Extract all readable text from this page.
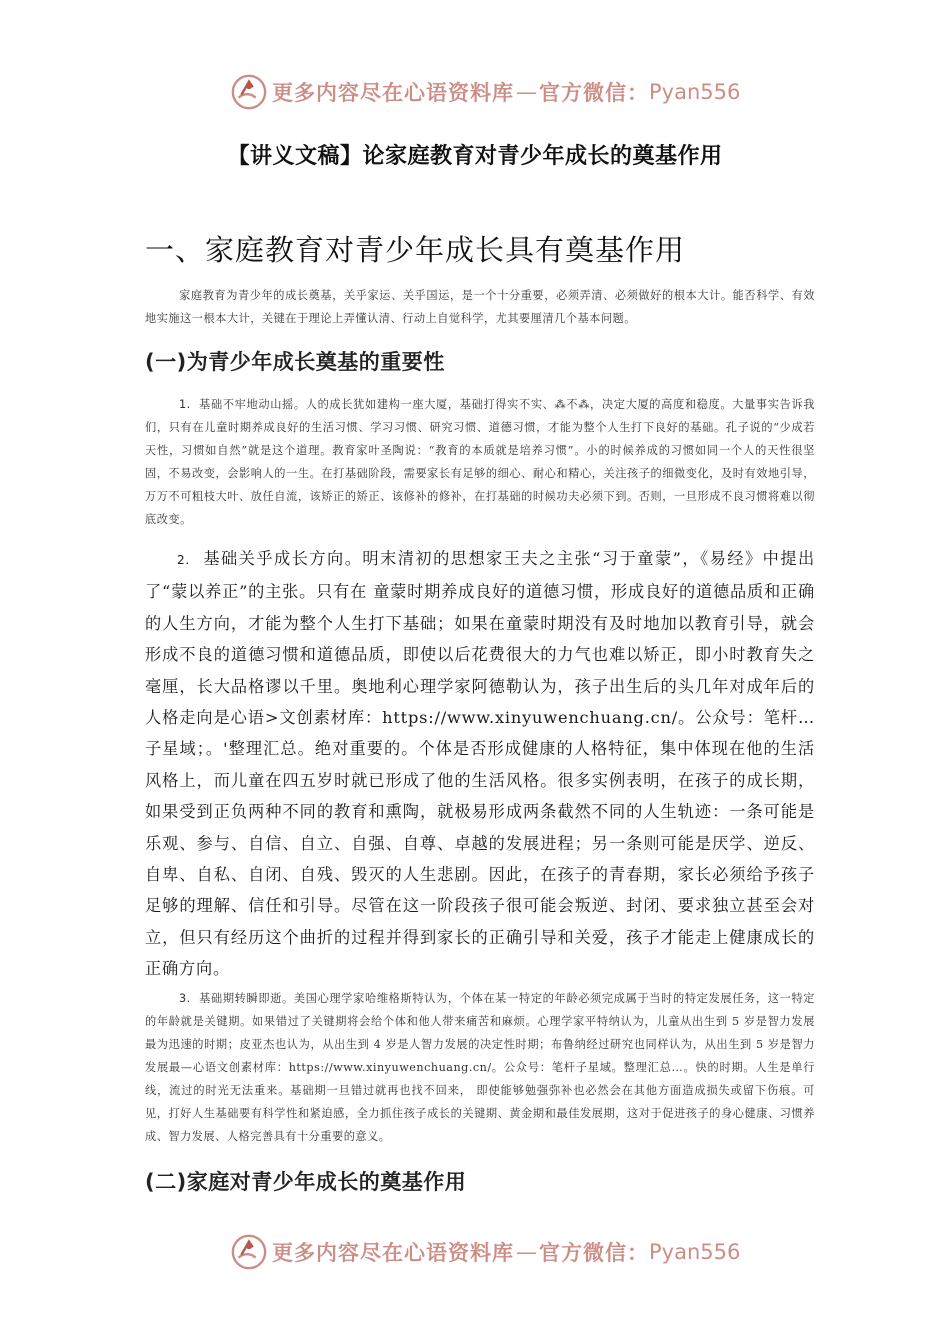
更多内容尽在心语资料库 — 官方微信： Pyan556
【讲义文稿】论家庭教育对青少年成长的奠基作用
一、家庭教育对青少年成长具有奠基作用
家庭教育为青少年的成长奠基，关乎家运、关乎国运，是一个十分重要，必须弄清、必须做好的根本大计。能否科学、有效地实施这一根本大计，关键在于理论上弄懂认清、行动上自觉科学，尤其要厘清几个基本问题。
(一)为青少年成长奠基的重要性
1. 基础不牢地动山摇。人的成长犹如建构一座大厦，基础打得实不实、⁂不⁂，决定大厦的高度和稳度。大量事实告诉我们，只有在儿童时期养成良好的生活习惯、学习习惯、研究习惯、道德习惯，才能为整个人生打下良好的基础。孔子说的“少成若天性，习惯如自然”就是这个道理。教育家叶圣陶说：“教育的本质就是培养习惯”。小的时候养成的习惯如同一个人的天性很坚固，不易改变，会影响人的一生。在打基础阶段，需要家长有足够的细心、耐心和精心，关注孩子的细微变化，及时有效地引导，万万不可粗枝大叶、放任自流，该矫正的矫正、该修补的修补，在打基础的时候功夫必须下到。否则，一旦形成不良习惯将难以彻底改变。
2. 基础关乎成长方向。明末清初的思想家王夫之主张“习于童蒙”，《易经》中提出了“蒙以养正”的主张。只有在 童蒙时期养成良好的道德习惯，形成良好的道德品质和正确的人生方向，才能为整个人生打下基础；如果在童蒙时期没有及时地加以教育引导，就会形成不良的道德习惯和道德品质，即使以后花费很大的力气也难以矫正，即小时教育失之毫厘，长大品格谬以千里。奥地利心理学家阿德勒认为，孩子出生后的头几年对成年后的人格走向是心语>文创素材库：https://www.xinyuwenchuang.cn/。公众号：笔杆…子星域；。'整理汇总。绝对重要的。个体是否形成健康的人格特征，集中体现在他的生活风格上，而儿童在四五岁时就已形成了他的生活风格。很多实例表明，在孩子的成长期，如果受到正负两种不同的教育和熏陶，就极易形成两条截然不同的人生轨迹：一条可能是乐观、参与、自信、自立、自强、自尊、卓越的发展进程；另一条则可能是厌学、逆反、自卑、自私、自闭、自残、毁灭的人生悲剧。因此，在孩子的青春期，家长必须给予孩子足够的理解、信任和引导。尽管在这一阶段孩子很可能会叛逆、封闭、要求独立甚至会对立，但只有经历这个曲折的过程并得到家长的正确引导和关爱，孩子才能走上健康成长的正确方向。
3. 基础期转瞬即逝。美国心理学家哈维格斯特认为，个体在某一特定的年龄必须完成属于当时的特定发展任务，这一特定的年龄就是关键期。如果错过了关键期将会给个体和他人带来痛苦和麻烦。心理学家平特纳认为，儿童从出生到 5 岁是智力发展最为迅速的时期；皮亚杰也认为，从出生到 4 岁是人智力发展的决定性时期；布鲁纳经过研究也同样认为，从出生到 5 岁是智力发展最—心语文创素材库：https://www.xinyuwenchuang.cn/。公众号：笔杆子星域。整理汇总…。快的时期。人生是单行线，流过的时光无法重来。基础期一旦错过就再也找不回来， 即使能够勉强弥补也必然会在其他方面造成损失或留下伤痕。可见，打好人生基础要有科学性和紧迫感，全力抓住孩子成长的关键期、黄金期和最佳发展期，这对于促进孩子的身心健康、习惯养成、智力发展、人格完善具有十分重要的意义。
(二)家庭对青少年成长的奠基作用
更多内容尽在心语资料库 — 官方微信： Pyan556
